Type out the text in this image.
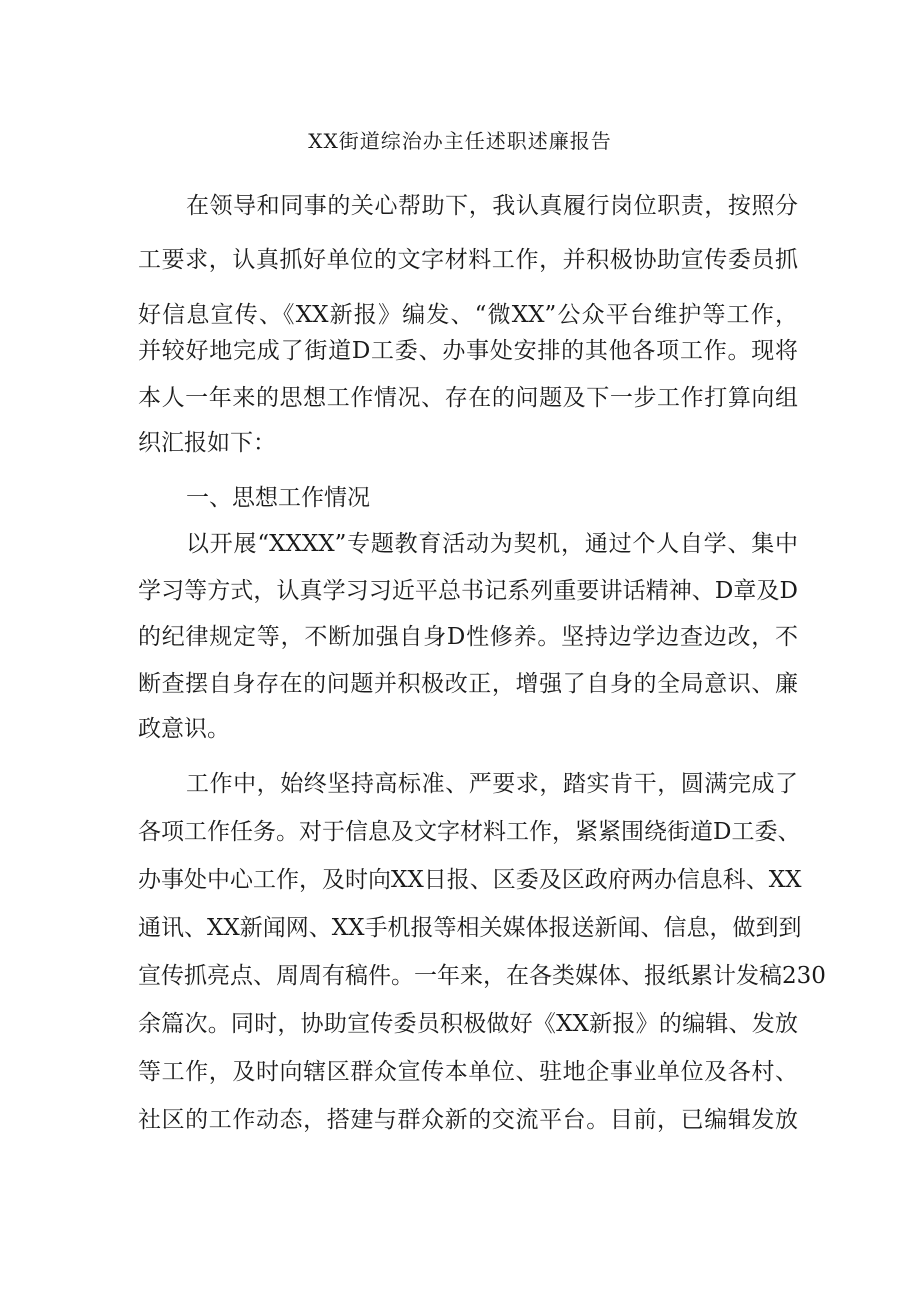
XX街道综治办主任述职述廉报告
在领导和同事的关心帮助下，我认真履行岗位职责，按照分
工要求，认真抓好单位的文字材料工作，并积极协助宣传委员抓
好信息宣传、《XX新报》编发、“微XX”公众平台维护等工作，
并较好地完成了街道D工委、办事处安排的其他各项工作。现将
本人一年来的思想工作情况、存在的问题及下一步工作打算向组
织汇报如下：
一、思想工作情况
以开展“XXXX”专题教育活动为契机，通过个人自学、集中
学习等方式，认真学习习近平总书记系列重要讲话精神、D章及D
的纪律规定等，不断加强自身D性修养。坚持边学边查边改，不
断查摆自身存在的问题并积极改正，增强了自身的全局意识、廉
政意识。
工作中，始终坚持高标准、严要求，踏实肯干，圆满完成了
各项工作任务。对于信息及文字材料工作，紧紧围绕街道D工委、
办事处中心工作，及时向XX日报、区委及区政府两办信息科、XX
通讯、XX新闻网、XX手机报等相关媒体报送新闻、信息，做到到
宣传抓亮点、周周有稿件。一年来，在各类媒体、报纸累计发稿230
余篇次。同时，协助宣传委员积极做好《XX新报》的编辑、发放
等工作，及时向辖区群众宣传本单位、驻地企事业单位及各村、
社区的工作动态，搭建与群众新的交流平台。目前，已编辑发放
